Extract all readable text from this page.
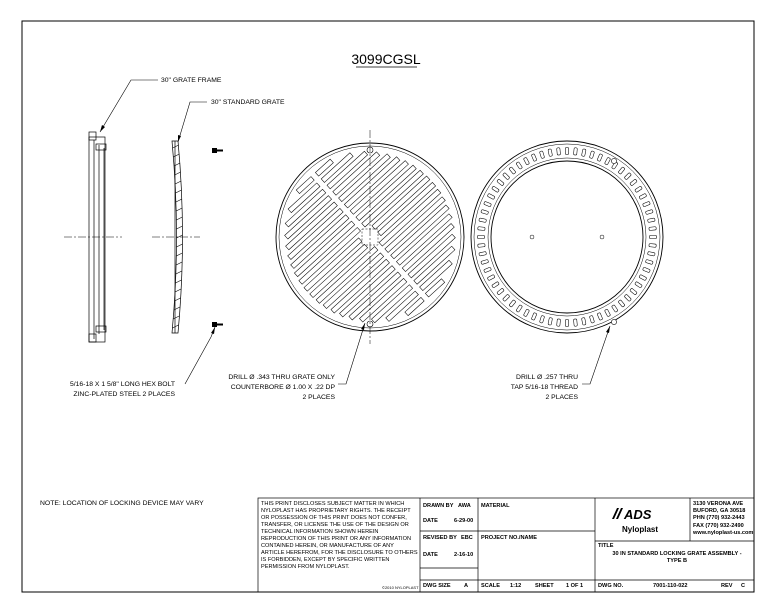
3099CGSL
30" GRATE FRAME
30" STANDARD GRATE
5/16-18 X 1 5/8" LONG HEX BOLT
ZINC-PLATED STEEL 2 PLACES
DRILL Ø .343 THRU GRATE ONLY
COUNTERBORE Ø 1.00 X .22 DP
2 PLACES
DRILL Ø .257 THRU
TAP 5/16-18 THREAD
2 PLACES
NOTE: LOCATION OF LOCKING DEVICE MAY VARY
ADS
Nyloplast
THIS PRINT DISCLOSES SUBJECT MATTER IN WHICH NYLOPLAST HAS PROPRIETARY RIGHTS. THE RECEIPT OR POSSESSION OF THIS PRINT DOES NOT CONFER, TRANSFER, OR LICENSE THE USE OF THE DESIGN OR TECHNICAL INFORMATION SHOWN HEREIN REPRODUCTION OF THIS PRINT OR ANY INFORMATION CONTAINED HEREIN, OR MANUFACTURE OF ANY ARTICLE HEREFROM, FOR THE DISCLOSURE TO OTHERS IS FORBIDDEN, EXCEPT BY SPECIFIC WRITTEN PERMISSION FROM NYLOPLAST.
©2010 NYLOPLAST
DRAWN BY AWA
DATE	6-29-00
REVISED BY EBC
DATE	2-16-10
DWG SIZE A
MATERIAL
PROJECT NO./NAME
SCALE 1:12 SHEET 1 OF 1
3130 VERONA AVE
BUFORD, GA 30518
PHN (770) 932-2443
FAX (770) 932-2490
www.nyloplast-us.com
TITLE
30 IN STANDARD LOCKING GRATE ASSEMBLY -
TYPE B
DWG NO.	7001-110-022	REV C
